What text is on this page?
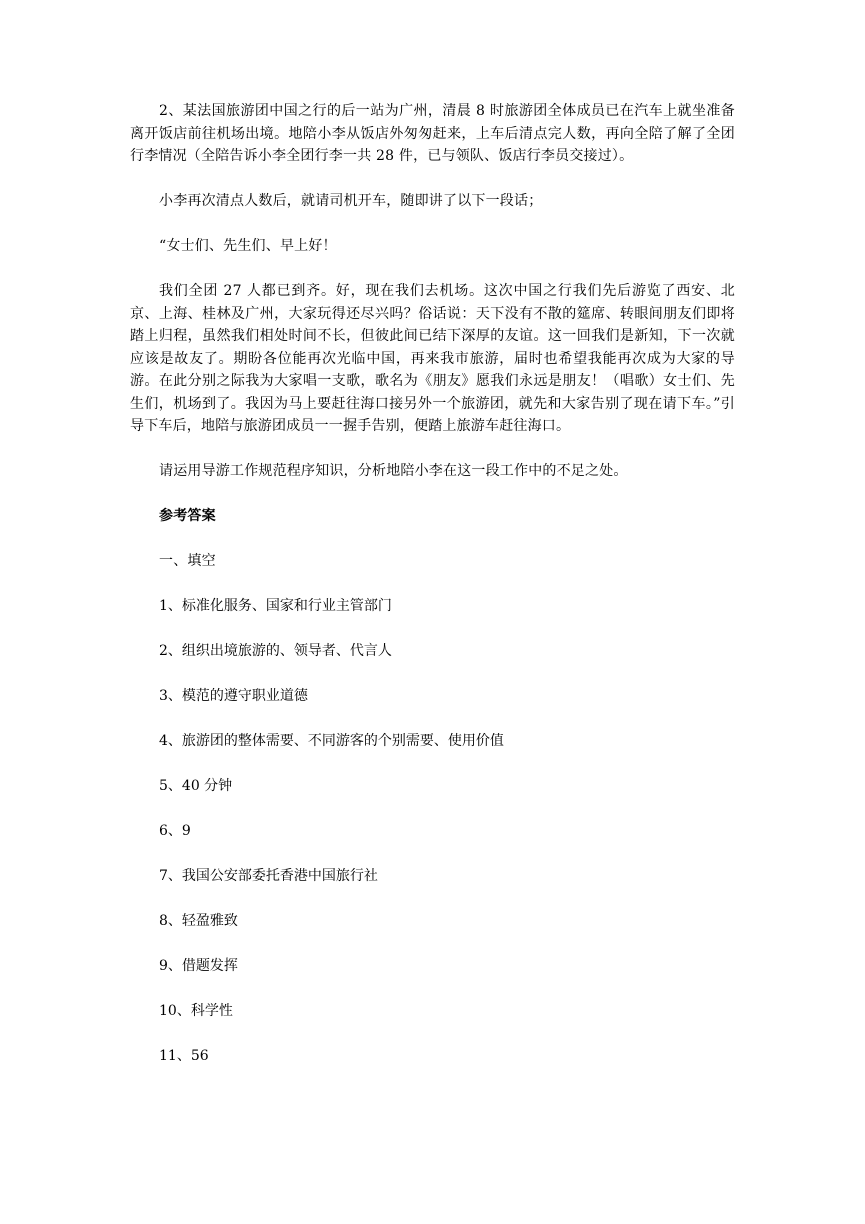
2、某法国旅游团中国之行的后一站为广州，清晨 8 时旅游团全体成员已在汽车上就坐准备离开饭店前往机场出境。地陪小李从饭店外匆匆赶来，上车后清点完人数，再向全陪了解了全团行李情况（全陪告诉小李全团行李一共 28 件，已与领队、饭店行李员交接过）。

小李再次清点人数后，就请司机开车，随即讲了以下一段话；

“女士们、先生们、早上好！

我们全团 27 人都已到齐。好，现在我们去机场。这次中国之行我们先后游览了西安、北京、上海、桂林及广州，大家玩得还尽兴吗？俗话说：天下没有不散的筵席、转眼间朋友们即将踏上归程，虽然我们相处时间不长，但彼此间已结下深厚的友谊。这一回我们是新知，下一次就应该是故友了。期盼各位能再次光临中国，再来我市旅游，届时也希望我能再次成为大家的导游。在此分别之际我为大家唱一支歌，歌名为《朋友》愿我们永远是朋友！（唱歌）女士们、先生们，机场到了。我因为马上要赶往海口接另外一个旅游团，就先和大家告别了现在请下车。”引导下车后，地陪与旅游团成员一一握手告别，便踏上旅游车赶往海口。

请运用导游工作规范程序知识，分析地陪小李在这一段工作中的不足之处。

参考答案

一、填空

1、标准化服务、国家和行业主管部门

2、组织出境旅游的、领导者、代言人

3、模范的遵守职业道德

4、旅游团的整体需要、不同游客的个别需要、使用价值

5、40 分钟

6、9

7、我国公安部委托香港中国旅行社

8、轻盈雅致

9、借题发挥

10、科学性

11、56
